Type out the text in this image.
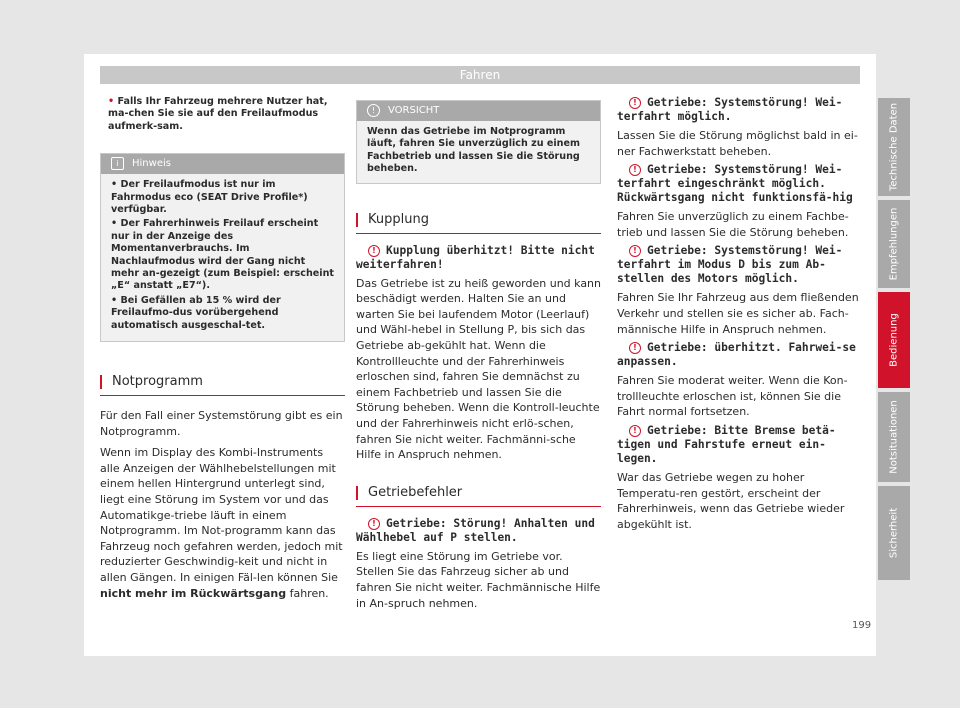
Fahren

• Falls Ihr Fahrzeug mehrere Nutzer hat, ma-chen Sie sie auf den Freilaufmodus aufmerk-sam.

i Hinweis

• Der Freilaufmodus ist nur im Fahrmodus eco (SEAT Drive Profile*) verfügbar.

• Der Fahrerhinweis Freilauf erscheint nur in der Anzeige des Momentanverbrauchs. Im Nachlaufmodus wird der Gang nicht mehr an-gezeigt (zum Beispiel: erscheint „E“ anstatt „E7“).

• Bei Gefällen ab 15 % wird der Freilaufmo-dus vorübergehend automatisch ausgeschal-tet.

Notprogramm

Für den Fall einer Systemstörung gibt es ein Notprogramm.

Wenn im Display des Kombi-Instruments alle Anzeigen der Wählhebelstellungen mit einem hellen Hintergrund unterlegt sind, liegt eine Störung im System vor und das Automatikge-triebe läuft in einem Notprogramm. Im Not-programm kann das Fahrzeug noch gefahren werden, jedoch mit reduzierter Geschwindig-keit und nicht in allen Gängen. In einigen Fäl-len können Sie nicht mehr im Rückwärtsgang fahren.

! VORSICHT
Wenn das Getriebe im Notprogramm läuft, fahren Sie unverzüglich zu einem Fachbetrieb und lassen Sie die Störung beheben.
Kupplung

! Kupplung überhitzt! Bitte nicht weiterfahren!

Das Getriebe ist zu heiß geworden und kann beschädigt werden. Halten Sie an und warten Sie bei laufendem Motor (Leerlauf) und Wähl-hebel in Stellung P, bis sich das Getriebe ab-gekühlt hat. Wenn die Kontrollleuchte und der Fahrerhinweis erloschen sind, fahren Sie demnächst zu einem Fachbetrieb und lassen Sie die Störung beheben. Wenn die Kontroll-leuchte und der Fahrerhinweis nicht erlö-schen, fahren Sie nicht weiter. Fachmänni-sche Hilfe in Anspruch nehmen.

Getriebefehler

! Getriebe: Störung! Anhalten und Wählhebel auf P stellen.

Es liegt eine Störung im Getriebe vor. Stellen Sie das Fahrzeug sicher ab und fahren Sie nicht weiter. Fachmännische Hilfe in An-spruch nehmen.

! Getriebe: Systemstörung! Wei-terfahrt möglich.

Lassen Sie die Störung möglichst bald in ei-ner Fachwerkstatt beheben.

! Getriebe: Systemstörung! Wei-terfahrt eingeschränkt möglich. Rückwärtsgang nicht funktionsfä-hig

Fahren Sie unverzüglich zu einem Fachbe-trieb und lassen Sie die Störung beheben.

! Getriebe: Systemstörung! Wei-terfahrt im Modus D bis zum Ab-stellen des Motors möglich.

Fahren Sie Ihr Fahrzeug aus dem fließenden Verkehr und stellen sie es sicher ab. Fach-männische Hilfe in Anspruch nehmen.

! Getriebe: überhitzt. Fahrwei-se anpassen.

Fahren Sie moderat weiter. Wenn die Kon-trollleuchte erloschen ist, können Sie die Fahrt normal fortsetzen.

! Getriebe: Bitte Bremse betä-tigen und Fahrstufe erneut ein-legen.

War das Getriebe wegen zu hoher Temperatu-ren gestört, erscheint der Fahrerhinweis, wenn das Getriebe wieder abgekühlt ist.

Technische Daten
Empfehlungen
Bedienung
Notsituationen
Sicherheit
199
